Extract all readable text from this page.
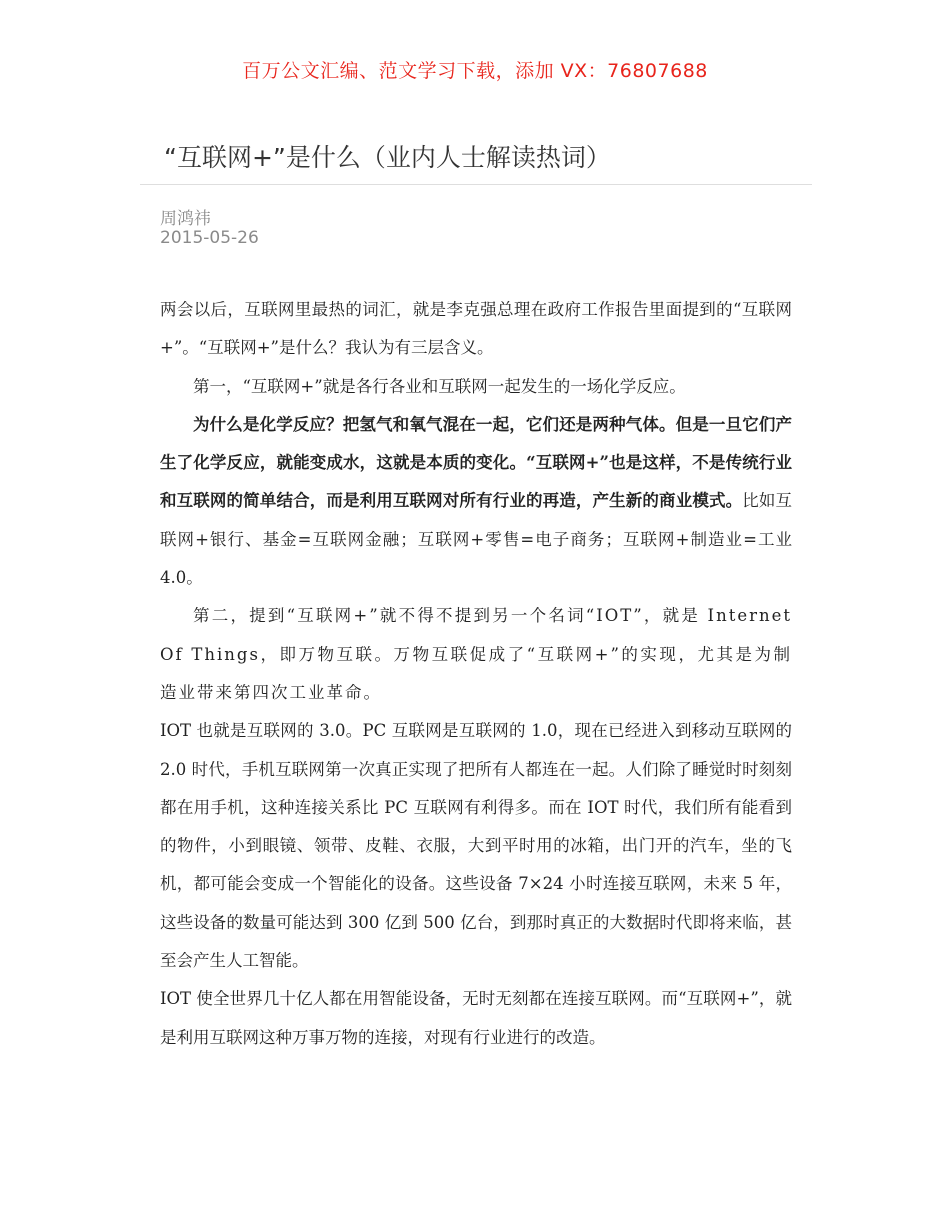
百万公文汇编、范文学习下载，添加 VX：76807688
“互联网+”是什么（业内人士解读热词）
周鸿祎
2015-05-26

两会以后，互联网里最热的词汇，就是李克强总理在政府工作报告里面提到的“互联网+”。“互联网+”是什么？我认为有三层含义。

第一，“互联网+”就是各行各业和互联网一起发生的一场化学反应。

为什么是化学反应？把氢气和氧气混在一起，它们还是两种气体。但是一旦它们产生了化学反应，就能变成水，这就是本质的变化。“互联网+”也是这样，不是传统行业和互联网的简单结合，而是利用互联网对所有行业的再造，产生新的商业模式。比如互联网+银行、基金=互联网金融；互联网+零售=电子商务；互联网+制造业=工业 4.0。

第二，提到“互联网+”就不得不提到另一个名词“IOT”，就是 Internet Of Things，即万物互联。万物互联促成了“互联网+”的实现，尤其是为制造业带来第四次工业革命。

IOT 也就是互联网的 3.0。PC 互联网是互联网的 1.0，现在已经进入到移动互联网的 2.0 时代，手机互联网第一次真正实现了把所有人都连在一起。人们除了睡觉时时刻刻都在用手机，这种连接关系比 PC 互联网有利得多。而在 IOT 时代，我们所有能看到的物件，小到眼镜、领带、皮鞋、衣服，大到平时用的冰箱，出门开的汽车，坐的飞机，都可能会变成一个智能化的设备。这些设备 7×24 小时连接互联网，未来 5 年，这些设备的数量可能达到 300 亿到 500 亿台，到那时真正的大数据时代即将来临，甚至会产生人工智能。

IOT 使全世界几十亿人都在用智能设备，无时无刻都在连接互联网。而“互联网+”，就是利用互联网这种万事万物的连接，对现有行业进行的改造。
